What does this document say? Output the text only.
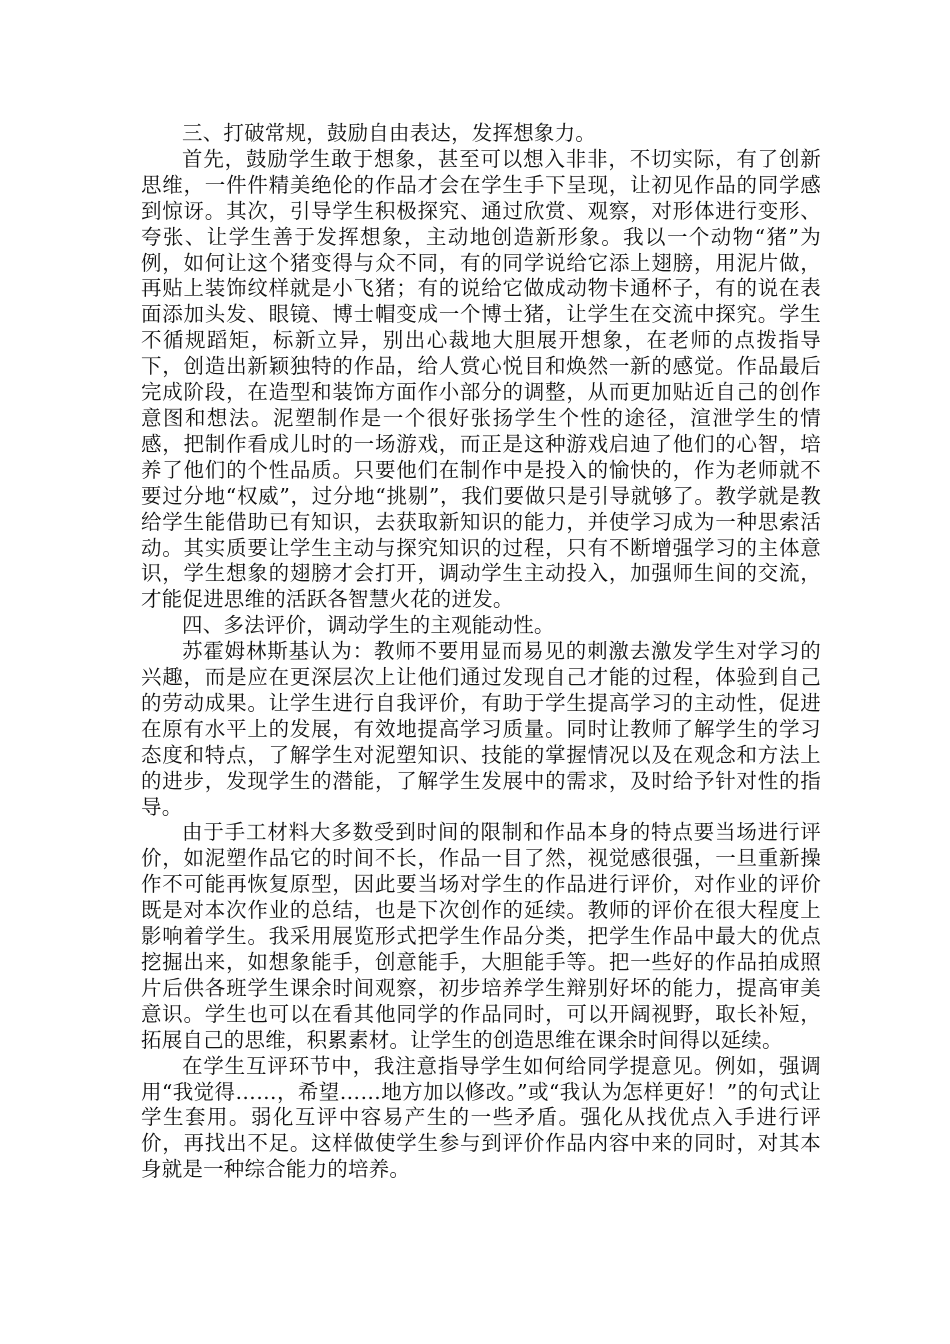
三、打破常规，鼓励自由表达，发挥想象力。

首先，鼓励学生敢于想象，甚至可以想入非非，不切实际，有了创新思维，一件件精美绝伦的作品才会在学生手下呈现，让初见作品的同学感到惊讶。其次，引导学生积极探究、通过欣赏、观察，对形体进行变形、夸张、让学生善于发挥想象，主动地创造新形象。我以一个动物“猪”为例，如何让这个猪变得与众不同，有的同学说给它添上翅膀，用泥片做，再贴上装饰纹样就是小飞猪；有的说给它做成动物卡通杯子，有的说在表面添加头发、眼镜、博士帽变成一个博士猪，让学生在交流中探究。学生不循规蹈矩，标新立异，别出心裁地大胆展开想象，在老师的点拨指导下，创造出新颖独特的作品，给人赏心悦目和焕然一新的感觉。作品最后完成阶段，在造型和装饰方面作小部分的调整，从而更加贴近自己的创作意图和想法。泥塑制作是一个很好张扬学生个性的途径，渲泄学生的情感，把制作看成儿时的一场游戏，而正是这种游戏启迪了他们的心智，培养了他们的个性品质。只要他们在制作中是投入的愉快的，作为老师就不要过分地“权威”，过分地“挑剔”，我们要做只是引导就够了。教学就是教给学生能借助已有知识，去获取新知识的能力，并使学习成为一种思索活动。其实质要让学生主动与探究知识的过程，只有不断增强学习的主体意识，学生想象的翅膀才会打开，调动学生主动投入，加强师生间的交流，才能促进思维的活跃各智慧火花的迸发。

四、多法评价，调动学生的主观能动性。

苏霍姆林斯基认为：教师不要用显而易见的刺激去激发学生对学习的兴趣，而是应在更深层次上让他们通过发现自己才能的过程，体验到自己的劳动成果。让学生进行自我评价，有助于学生提高学习的主动性，促进在原有水平上的发展，有效地提高学习质量。同时让教师了解学生的学习态度和特点，了解学生对泥塑知识、技能的掌握情况以及在观念和方法上的进步，发现学生的潜能，了解学生发展中的需求，及时给予针对性的指导。

由于手工材料大多数受到时间的限制和作品本身的特点要当场进行评价，如泥塑作品它的时间不长，作品一目了然，视觉感很强，一旦重新操作不可能再恢复原型，因此要当场对学生的作品进行评价，对作业的评价既是对本次作业的总结，也是下次创作的延续。教师的评价在很大程度上影响着学生。我采用展览形式把学生作品分类，把学生作品中最大的优点挖掘出来，如想象能手，创意能手，大胆能手等。把一些好的作品拍成照片后供各班学生课余时间观察，初步培养学生辩别好坏的能力，提高审美意识。学生也可以在看其他同学的作品同时，可以开阔视野，取长补短，拓展自己的思维，积累素材。让学生的创造思维在课余时间得以延续。

在学生互评环节中，我注意指导学生如何给同学提意见。例如，强调用“我觉得……，希望……地方加以修改。”或“我认为怎样更好！”的句式让学生套用。弱化互评中容易产生的一些矛盾。强化从找优点入手进行评价，再找出不足。这样做使学生参与到评价作品内容中来的同时，对其本身就是一种综合能力的培养。
